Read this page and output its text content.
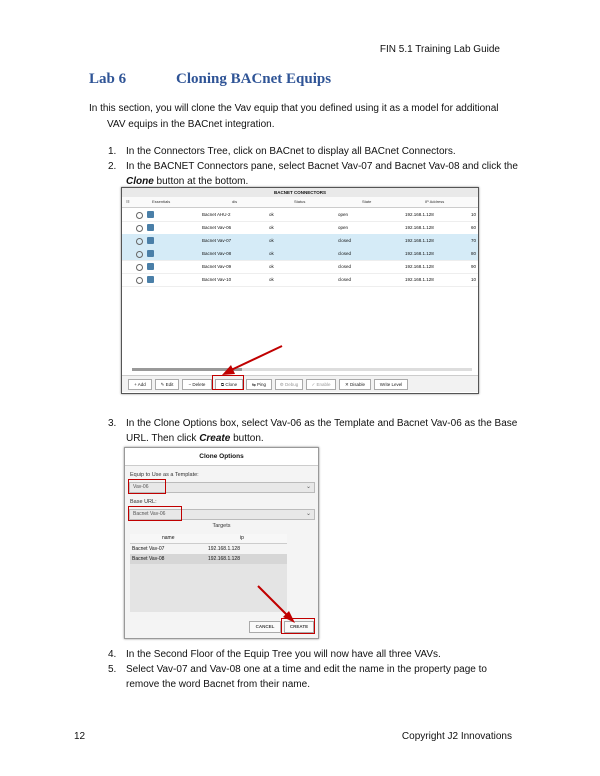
FIN 5.1 Training Lab Guide
Lab 6	Cloning BACnet Equips
In this section, you will clone the Vav equip that you defined using it as a model for additional
VAV equips in the BACnet integration.
1. In the Connectors Tree, click on BACnet to display all BACnet Connectors.
2. In the BACNET Connectors pane, select Bacnet Vav-07 and Bacnet Vav-08 and click the
Clone button at the bottom.
BACNET CONNECTORS
☷	Essentials	dis	Status	State	IP Address
Bacnet AHU-2	ok	open	192.168.1.128	10
Bacnet Vav-06	ok	open	192.168.1.128	60
Bacnet Vav-07	ok	closed	192.168.1.128	70
Bacnet Vav-08	ok	closed	192.168.1.128	80
Bacnet Vav-09	ok	closed	192.168.1.128	90
Bacnet Vav-10	ok	closed	192.168.1.128	10
+ Add	✎ Edit	− Delete	⧉ Clone	⇆ Ping	⚙ Debug	✓ Enable	✕ Disable	Write Level
3. In the Clone Options box, select Vav-06 as the Template and Bacnet Vav-06 as the Base
URL. Then click Create button.
Clone Options
Equip to Use as a Template:
Vav-06	⌄
Base URL:
Bacnet Vav-06	⌄
Targets
name	ip
Bacnet Vav-07	192.168.1.128
Bacnet Vav-08	192.168.1.128
CANCEL	CREATE
4. In the Second Floor of the Equip Tree you will now have all three VAVs.
5. Select Vav-07 and Vav-08 one at a time and edit the name in the property page to
remove the word Bacnet from their name.
12	Copyright J2 Innovations
